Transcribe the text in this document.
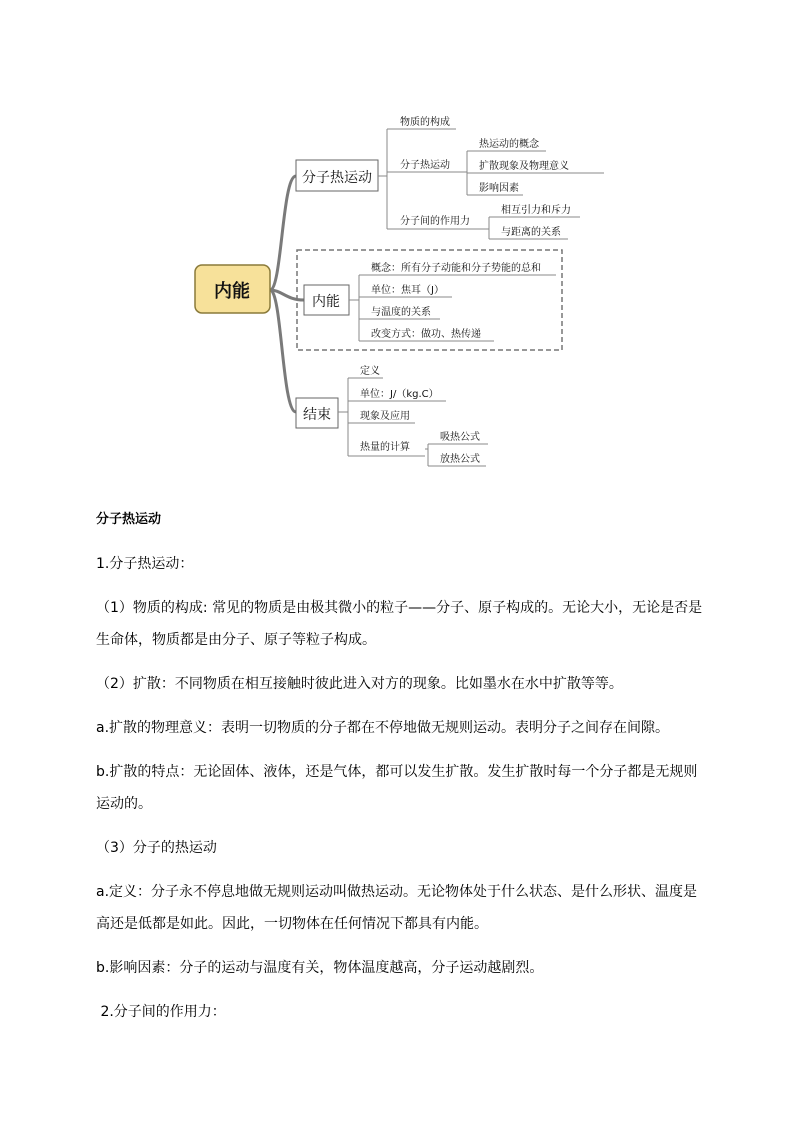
内能
分子热运动
物质的构成
分子热运动
热运动的概念
扩散现象及物理意义
影响因素
分子间的作用力
相互引力和斥力
与距离的关系
内能
概念：所有分子动能和分子势能的总和
单位：焦耳（J）
与温度的关系
改变方式：做功、热传递
结束
定义
单位：J/（kg.C）
现象及应用
热量的计算
吸热公式
放热公式
分子热运动

1.分子热运动：

（1）物质的构成: 常见的物质是由极其微小的粒子——分子、原子构成的。无论大小，无论是否是生命体，物质都是由分子、原子等粒子构成。

（2）扩散：不同物质在相互接触时彼此进入对方的现象。比如墨水在水中扩散等等。

a.扩散的物理意义：表明一切物质的分子都在不停地做无规则运动。表明分子之间存在间隙。

b.扩散的特点：无论固体、液体，还是气体，都可以发生扩散。发生扩散时每一个分子都是无规则运动的。

（3）分子的热运动

a.定义：分子永不停息地做无规则运动叫做热运动。无论物体处于什么状态、是什么形状、温度是高还是低都是如此。因此，一切物体在任何情况下都具有内能。

b.影响因素：分子的运动与温度有关，物体温度越高，分子运动越剧烈。

2.分子间的作用力：
